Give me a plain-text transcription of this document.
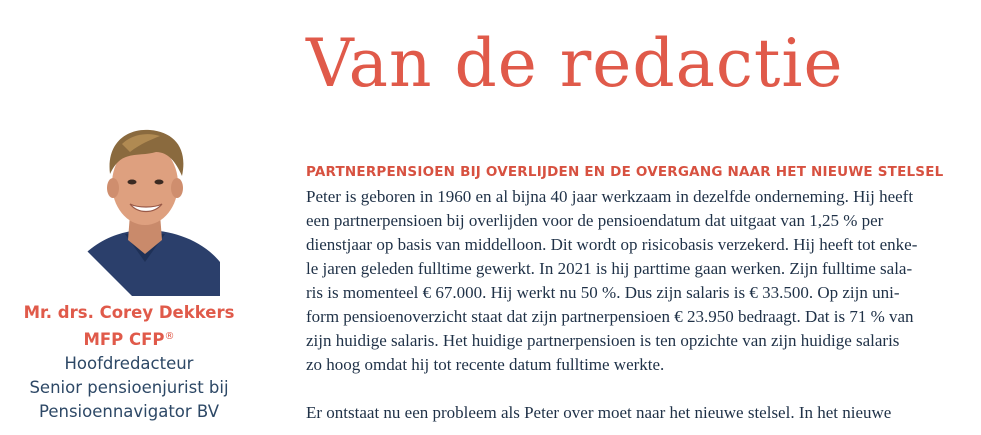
Van de redactie
Mr. drs. Corey Dekkers
MFP CFP®
Hoofdredacteur
Senior pensioenjurist bij
Pensioennavigator BV
PARTNERPENSIOEN BIJ OVERLIJDEN EN DE OVERGANG NAAR HET NIEUWE STELSEL
Peter is geboren in 1960 en al bijna 40 jaar werkzaam in dezelfde onderneming. Hij heeft
een partnerpensioen bij overlijden voor de pensioendatum dat uitgaat van 1,25 % per
dienstjaar op basis van middelloon. Dit wordt op risicobasis verzekerd. Hij heeft tot enke-
le jaren geleden fulltime gewerkt. In 2021 is hij parttime gaan werken. Zijn fulltime sala-
ris is momenteel € 67.000. Hij werkt nu 50 %. Dus zijn salaris is € 33.500. Op zijn uni-
form pensioenoverzicht staat dat zijn partnerpensioen € 23.950 bedraagt. Dat is 71 % van
zijn huidige salaris. Het huidige partnerpensioen is ten opzichte van zijn huidige salaris
zo hoog omdat hij tot recente datum fulltime werkte.
Er ontstaat nu een probleem als Peter over moet naar het nieuwe stelsel. In het nieuwe
